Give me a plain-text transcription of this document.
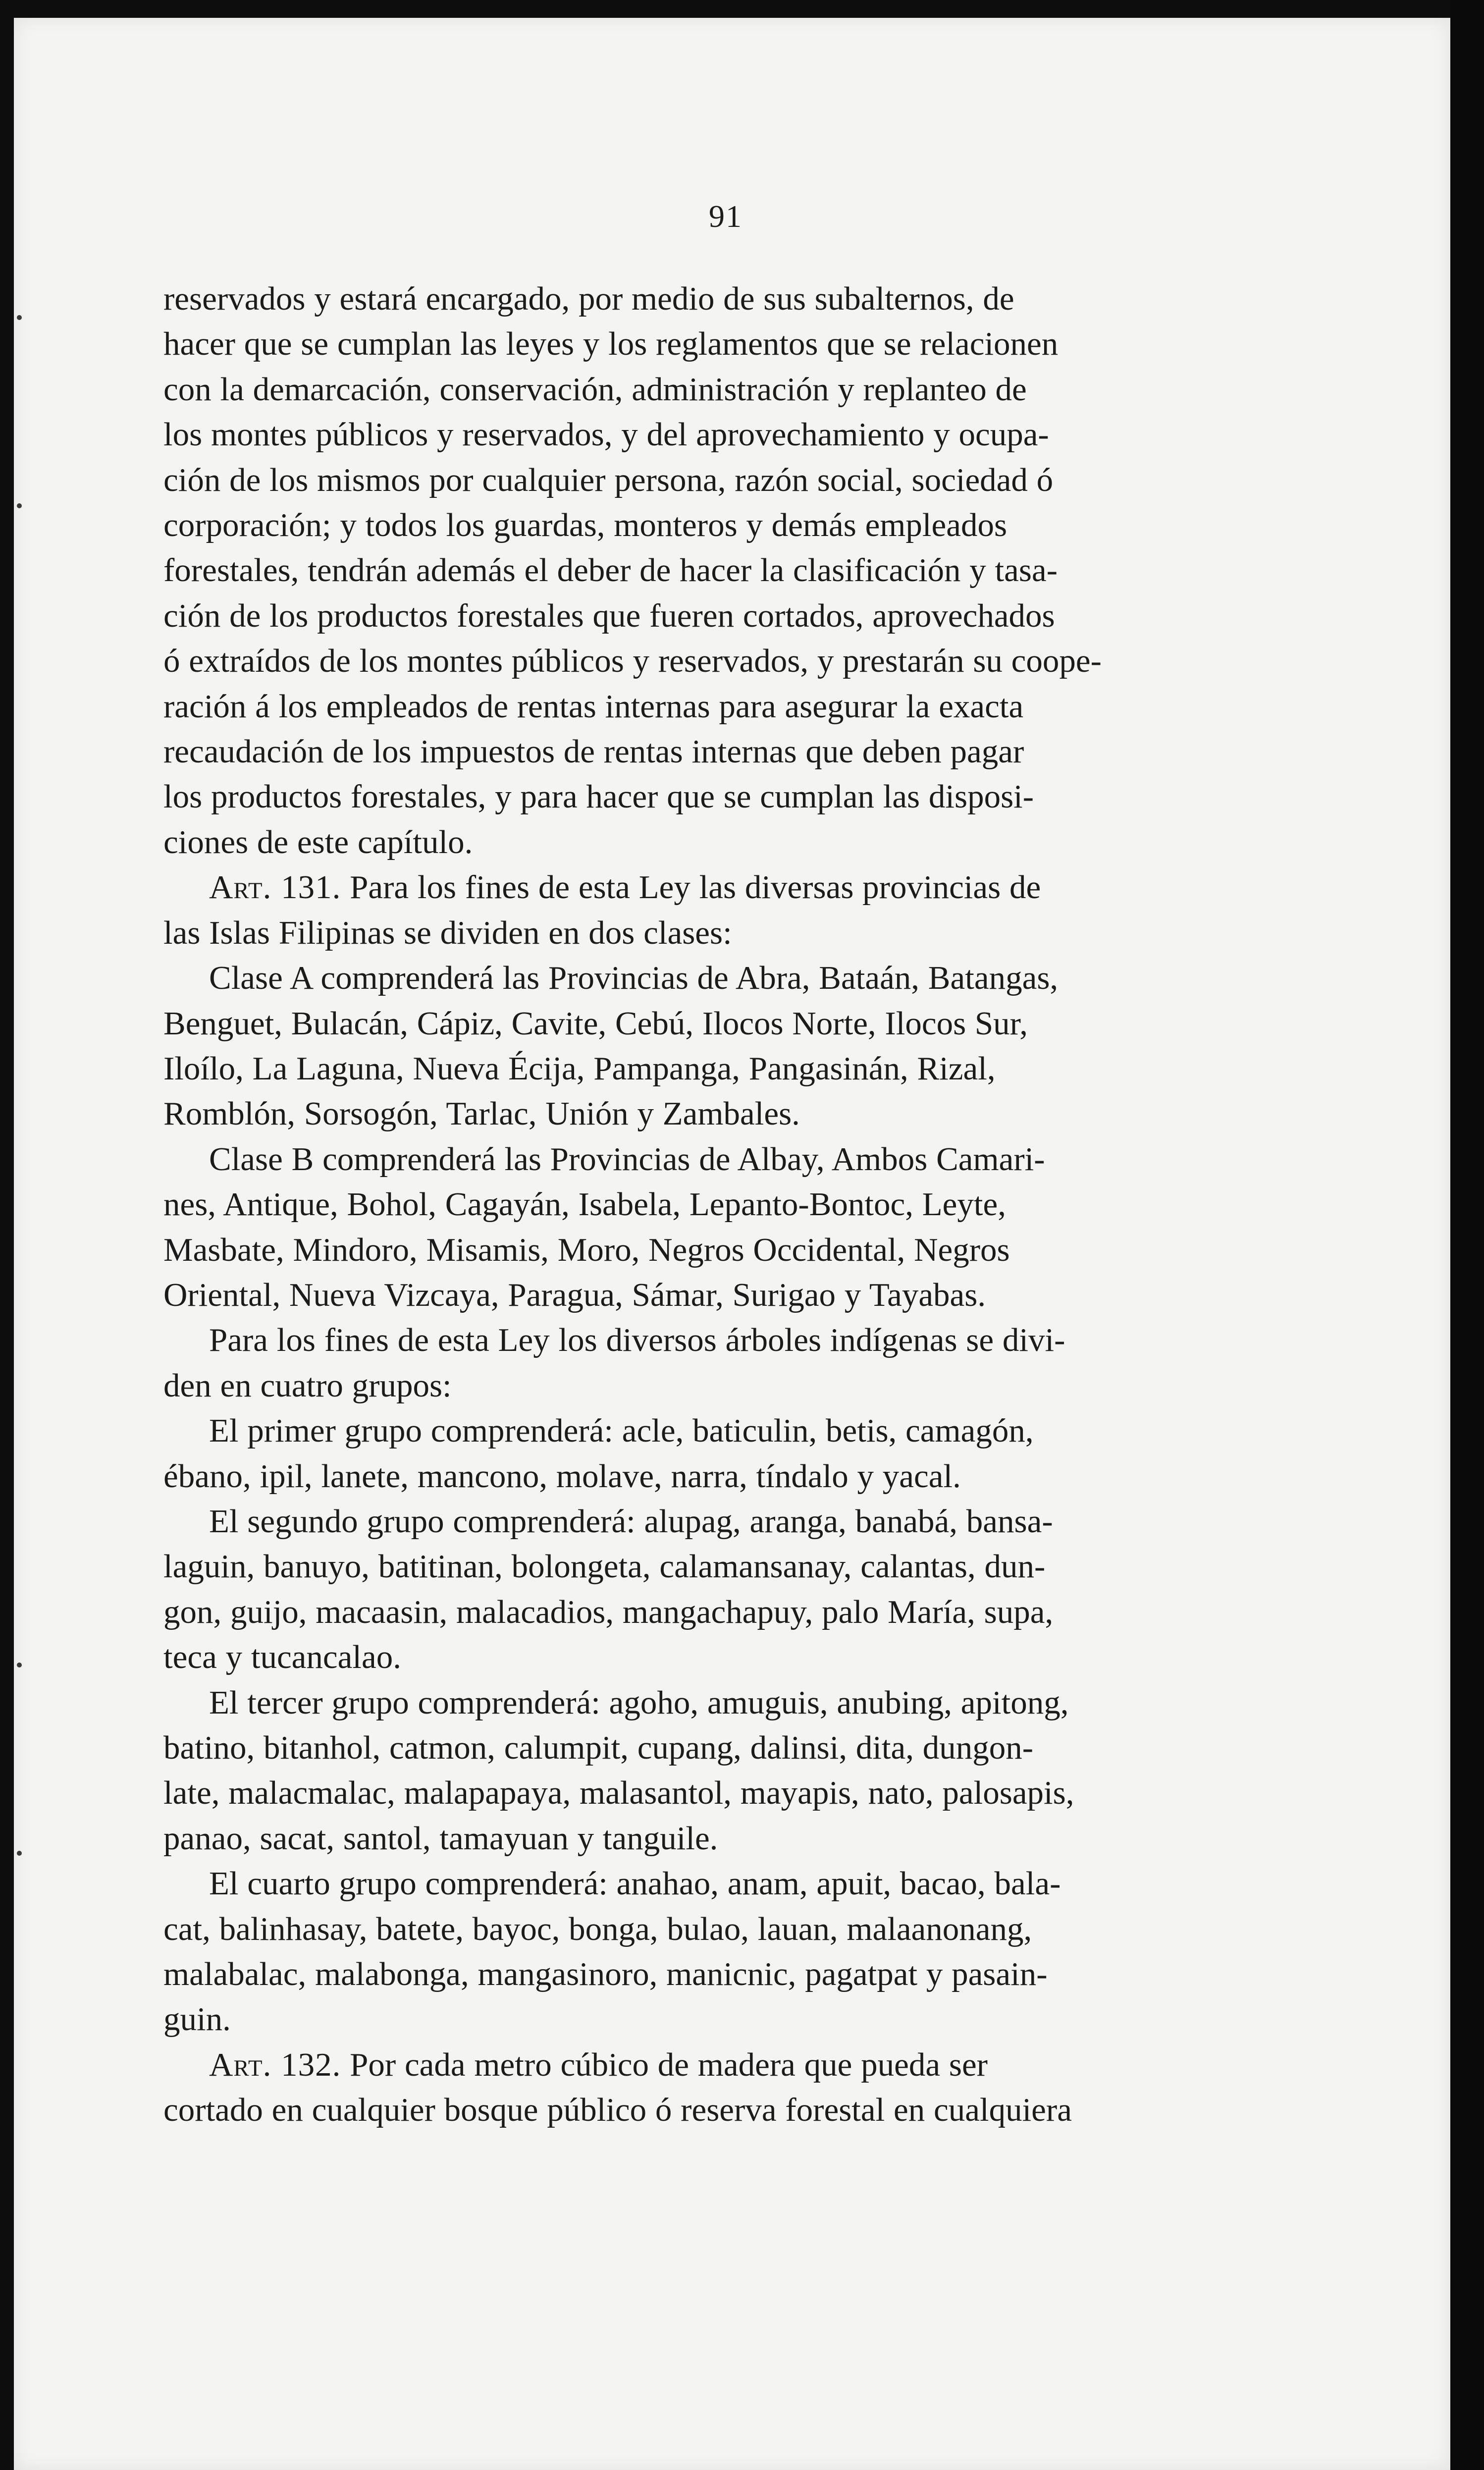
91

reservados y estará encargado, por medio de sus subalternos, de
hacer que se cumplan las leyes y los reglamentos que se relacionen
con la demarcación, conservación, administración y replanteo de
los montes públicos y reservados, y del aprovechamiento y ocupa-
ción de los mismos por cualquier persona, razón social, sociedad ó
corporación; y todos los guardas, monteros y demás empleados
forestales, tendrán además el deber de hacer la clasificación y tasa-
ción de los productos forestales que fueren cortados, aprovechados
ó extraídos de los montes públicos y reservados, y prestarán su coope-
ración á los empleados de rentas internas para asegurar la exacta
recaudación de los impuestos de rentas internas que deben pagar
los productos forestales, y para hacer que se cumplan las disposi-
ciones de este capítulo.

Art. 131. Para los fines de esta Ley las diversas provincias de
las Islas Filipinas se dividen en dos clases:

Clase A comprenderá las Provincias de Abra, Bataán, Batangas,
Benguet, Bulacán, Cápiz, Cavite, Cebú, Ilocos Norte, Ilocos Sur,
Iloílo, La Laguna, Nueva Écija, Pampanga, Pangasinán, Rizal,
Romblón, Sorsogón, Tarlac, Unión y Zambales.

Clase B comprenderá las Provincias de Albay, Ambos Camari-
nes, Antique, Bohol, Cagayán, Isabela, Lepanto-Bontoc, Leyte,
Masbate, Mindoro, Misamis, Moro, Negros Occidental, Negros
Oriental, Nueva Vizcaya, Paragua, Sámar, Surigao y Tayabas.

Para los fines de esta Ley los diversos árboles indígenas se divi-
den en cuatro grupos:

El primer grupo comprenderá: acle, baticulin, betis, camagón,
ébano, ipil, lanete, mancono, molave, narra, tíndalo y yacal.

El segundo grupo comprenderá: alupag, aranga, banabá, bansa-
laguin, banuyo, batitinan, bolongeta, calamansanay, calantas, dun-
gon, guijo, macaasin, malacadios, mangachapuy, palo María, supa,
teca y tucancalao.

El tercer grupo comprenderá: agoho, amuguis, anubing, apitong,
batino, bitanhol, catmon, calumpit, cupang, dalinsi, dita, dungon-
late, malacmalac, malapapaya, malasantol, mayapis, nato, palosapis,
panao, sacat, santol, tamayuan y tanguile.

El cuarto grupo comprenderá: anahao, anam, apuit, bacao, bala-
cat, balinhasay, batete, bayoc, bonga, bulao, lauan, malaanonang,
malabalac, malabonga, mangasinoro, manicnic, pagatpat y pasain-
guin.

Art. 132. Por cada metro cúbico de madera que pueda ser
cortado en cualquier bosque público ó reserva forestal en cualquiera
